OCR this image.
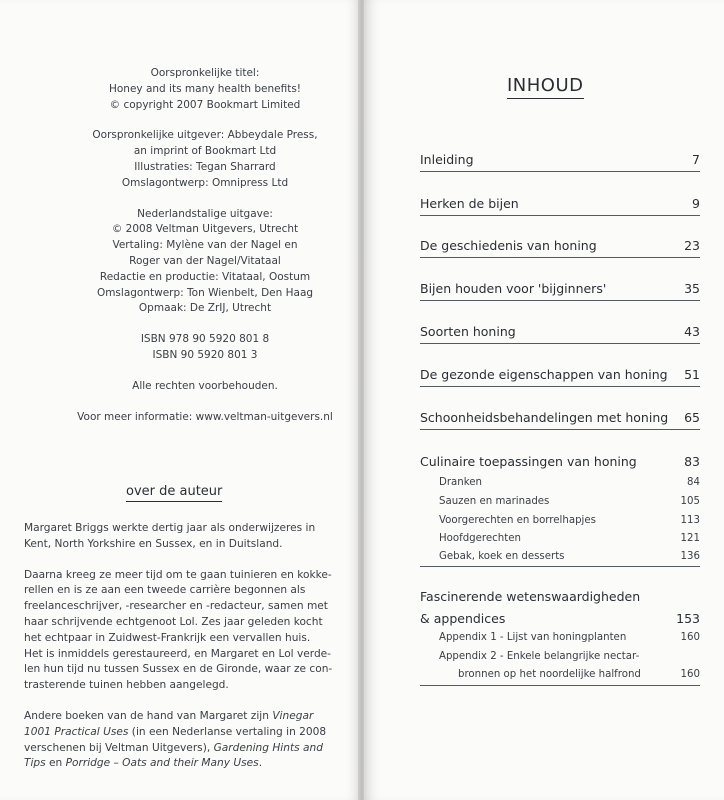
Oorspronkelijke titel:
Honey and its many health benefits!
© copyright 2007 Bookmart Limited
Oorspronkelijke uitgever: Abbeydale Press,
an imprint of Bookmart Ltd
Illustraties: Tegan Sharrard
Omslagontwerp: Omnipress Ltd
Nederlandstalige uitgave:
© 2008 Veltman Uitgevers, Utrecht
Vertaling: Mylène van der Nagel en
Roger van der Nagel/Vitataal
Redactie en productie: Vitataal, Oostum
Omslagontwerp: Ton Wienbelt, Den Haag
Opmaak: De ZrIJ, Utrecht
ISBN 978 90 5920 801 8
ISBN 90 5920 801 3
Alle rechten voorbehouden.
Voor meer informatie: www.veltman-uitgevers.nl
over de auteur
Margaret Briggs werkte dertig jaar als onderwijzeres in
Kent, North Yorkshire en Sussex, en in Duitsland.
Daarna kreeg ze meer tijd om te gaan tuinieren en kokke-
rellen en is ze aan een tweede carrière begonnen als
freelanceschrijver, -researcher en -redacteur, samen met
haar schrijvende echtgenoot Lol. Zes jaar geleden kocht
het echtpaar in Zuidwest-Frankrijk een vervallen huis.
Het is inmiddels gerestaureerd, en Margaret en Lol verde-
len hun tijd nu tussen Sussex en de Gironde, waar ze con-
trasterende tuinen hebben aangelegd.
Andere boeken van de hand van Margaret zijn Vinegar
1001 Practical Uses (in een Nederlanse vertaling in 2008
verschenen bij Veltman Uitgevers), Gardening Hints and
Tips en Porridge – Oats and their Many Uses.
INHOUD
Inleiding	7
Herken de bijen	9
De geschiedenis van honing	23
Bijen houden voor 'bijginners'	35
Soorten honing	43
De gezonde eigenschappen van honing 51
Schoonheidsbehandelingen met honing 65
Culinaire toepassingen van honing	83
Dranken	84
Sauzen en marinades	105
Voorgerechten en borrelhapjes	113
Hoofdgerechten	121
Gebak, koek en desserts	136
Fascinerende wetenswaardigheden
& appendices	153
Appendix 1 - Lijst van honingplanten	160
Appendix 2 - Enkele belangrijke nectar-
bronnen op het noordelijke halfrond	160
